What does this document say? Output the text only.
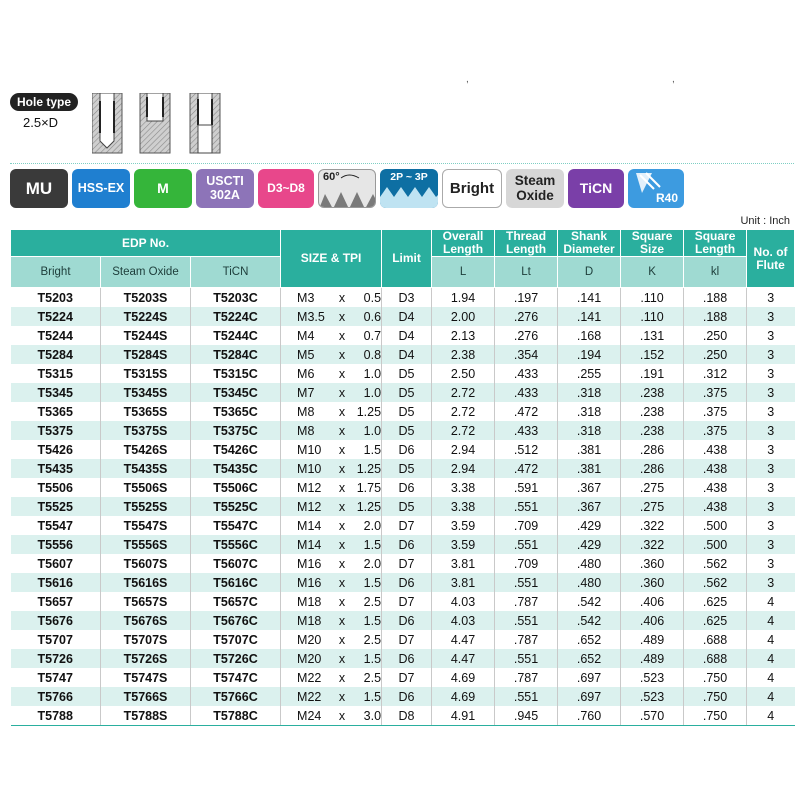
,	,
Hole type
2.5×D
MU HSS-EX M	USCTI 302A	D3~D8
60°	2P ~ 3P
Bright Steam Oxide	TiCN
R40
Unit : Inch
EDP No.			SIZE & TPI	Limit	Overall Length	Thread Length	Shank Diameter	Square Size	Square Length	No. of Flute
Bright	Steam Oxide	TiCN			L	Lt	D	K	kl	
T5203	T5203S	T5203C	M3 x 0.5	D3	1.94	.197	.141	.110	.188	3
T5224	T5224S	T5224C	M3.5 x 0.6	D4	2.00	.276	.141	.110	.188	3
T5244	T5244S	T5244C	M4 x 0.7	D4	2.13	.276	.168	.131	.250	3
T5284	T5284S	T5284C	M5 x 0.8	D4	2.38	.354	.194	.152	.250	3
T5315	T5315S	T5315C	M6 x 1.0	D5	2.50	.433	.255	.191	.312	3
T5345	T5345S	T5345C	M7 x 1.0	D5	2.72	.433	.318	.238	.375	3
T5365	T5365S	T5365C	M8 x 1.25	D5	2.72	.472	.318	.238	.375	3
T5375	T5375S	T5375C	M8 x 1.0	D5	2.72	.433	.318	.238	.375	3
T5426	T5426S	T5426C	M10 x 1.5	D6	2.94	.512	.381	.286	.438	3
T5435	T5435S	T5435C	M10 x 1.25	D5	2.94	.472	.381	.286	.438	3
T5506	T5506S	T5506C	M12 x 1.75	D6	3.38	.591	.367	.275	.438	3
T5525	T5525S	T5525C	M12 x 1.25	D5	3.38	.551	.367	.275	.438	3
T5547	T5547S	T5547C	M14 x 2.0	D7	3.59	.709	.429	.322	.500	3
T5556	T5556S	T5556C	M14 x 1.5	D6	3.59	.551	.429	.322	.500	3
T5607	T5607S	T5607C	M16 x 2.0	D7	3.81	.709	.480	.360	.562	3
T5616	T5616S	T5616C	M16 x 1.5	D6	3.81	.551	.480	.360	.562	3
T5657	T5657S	T5657C	M18 x 2.5	D7	4.03	.787	.542	.406	.625	4
T5676	T5676S	T5676C	M18 x 1.5	D6	4.03	.551	.542	.406	.625	4
T5707	T5707S	T5707C	M20 x 2.5	D7	4.47	.787	.652	.489	.688	4
T5726	T5726S	T5726C	M20 x 1.5	D6	4.47	.551	.652	.489	.688	4
T5747	T5747S	T5747C	M22 x 2.5	D7	4.69	.787	.697	.523	.750	4
T5766	T5766S	T5766C	M22 x 1.5	D6	4.69	.551	.697	.523	.750	4
T5788	T5788S	T5788C	M24 x 3.0	D8	4.91	.945	.760	.570	.750	4
